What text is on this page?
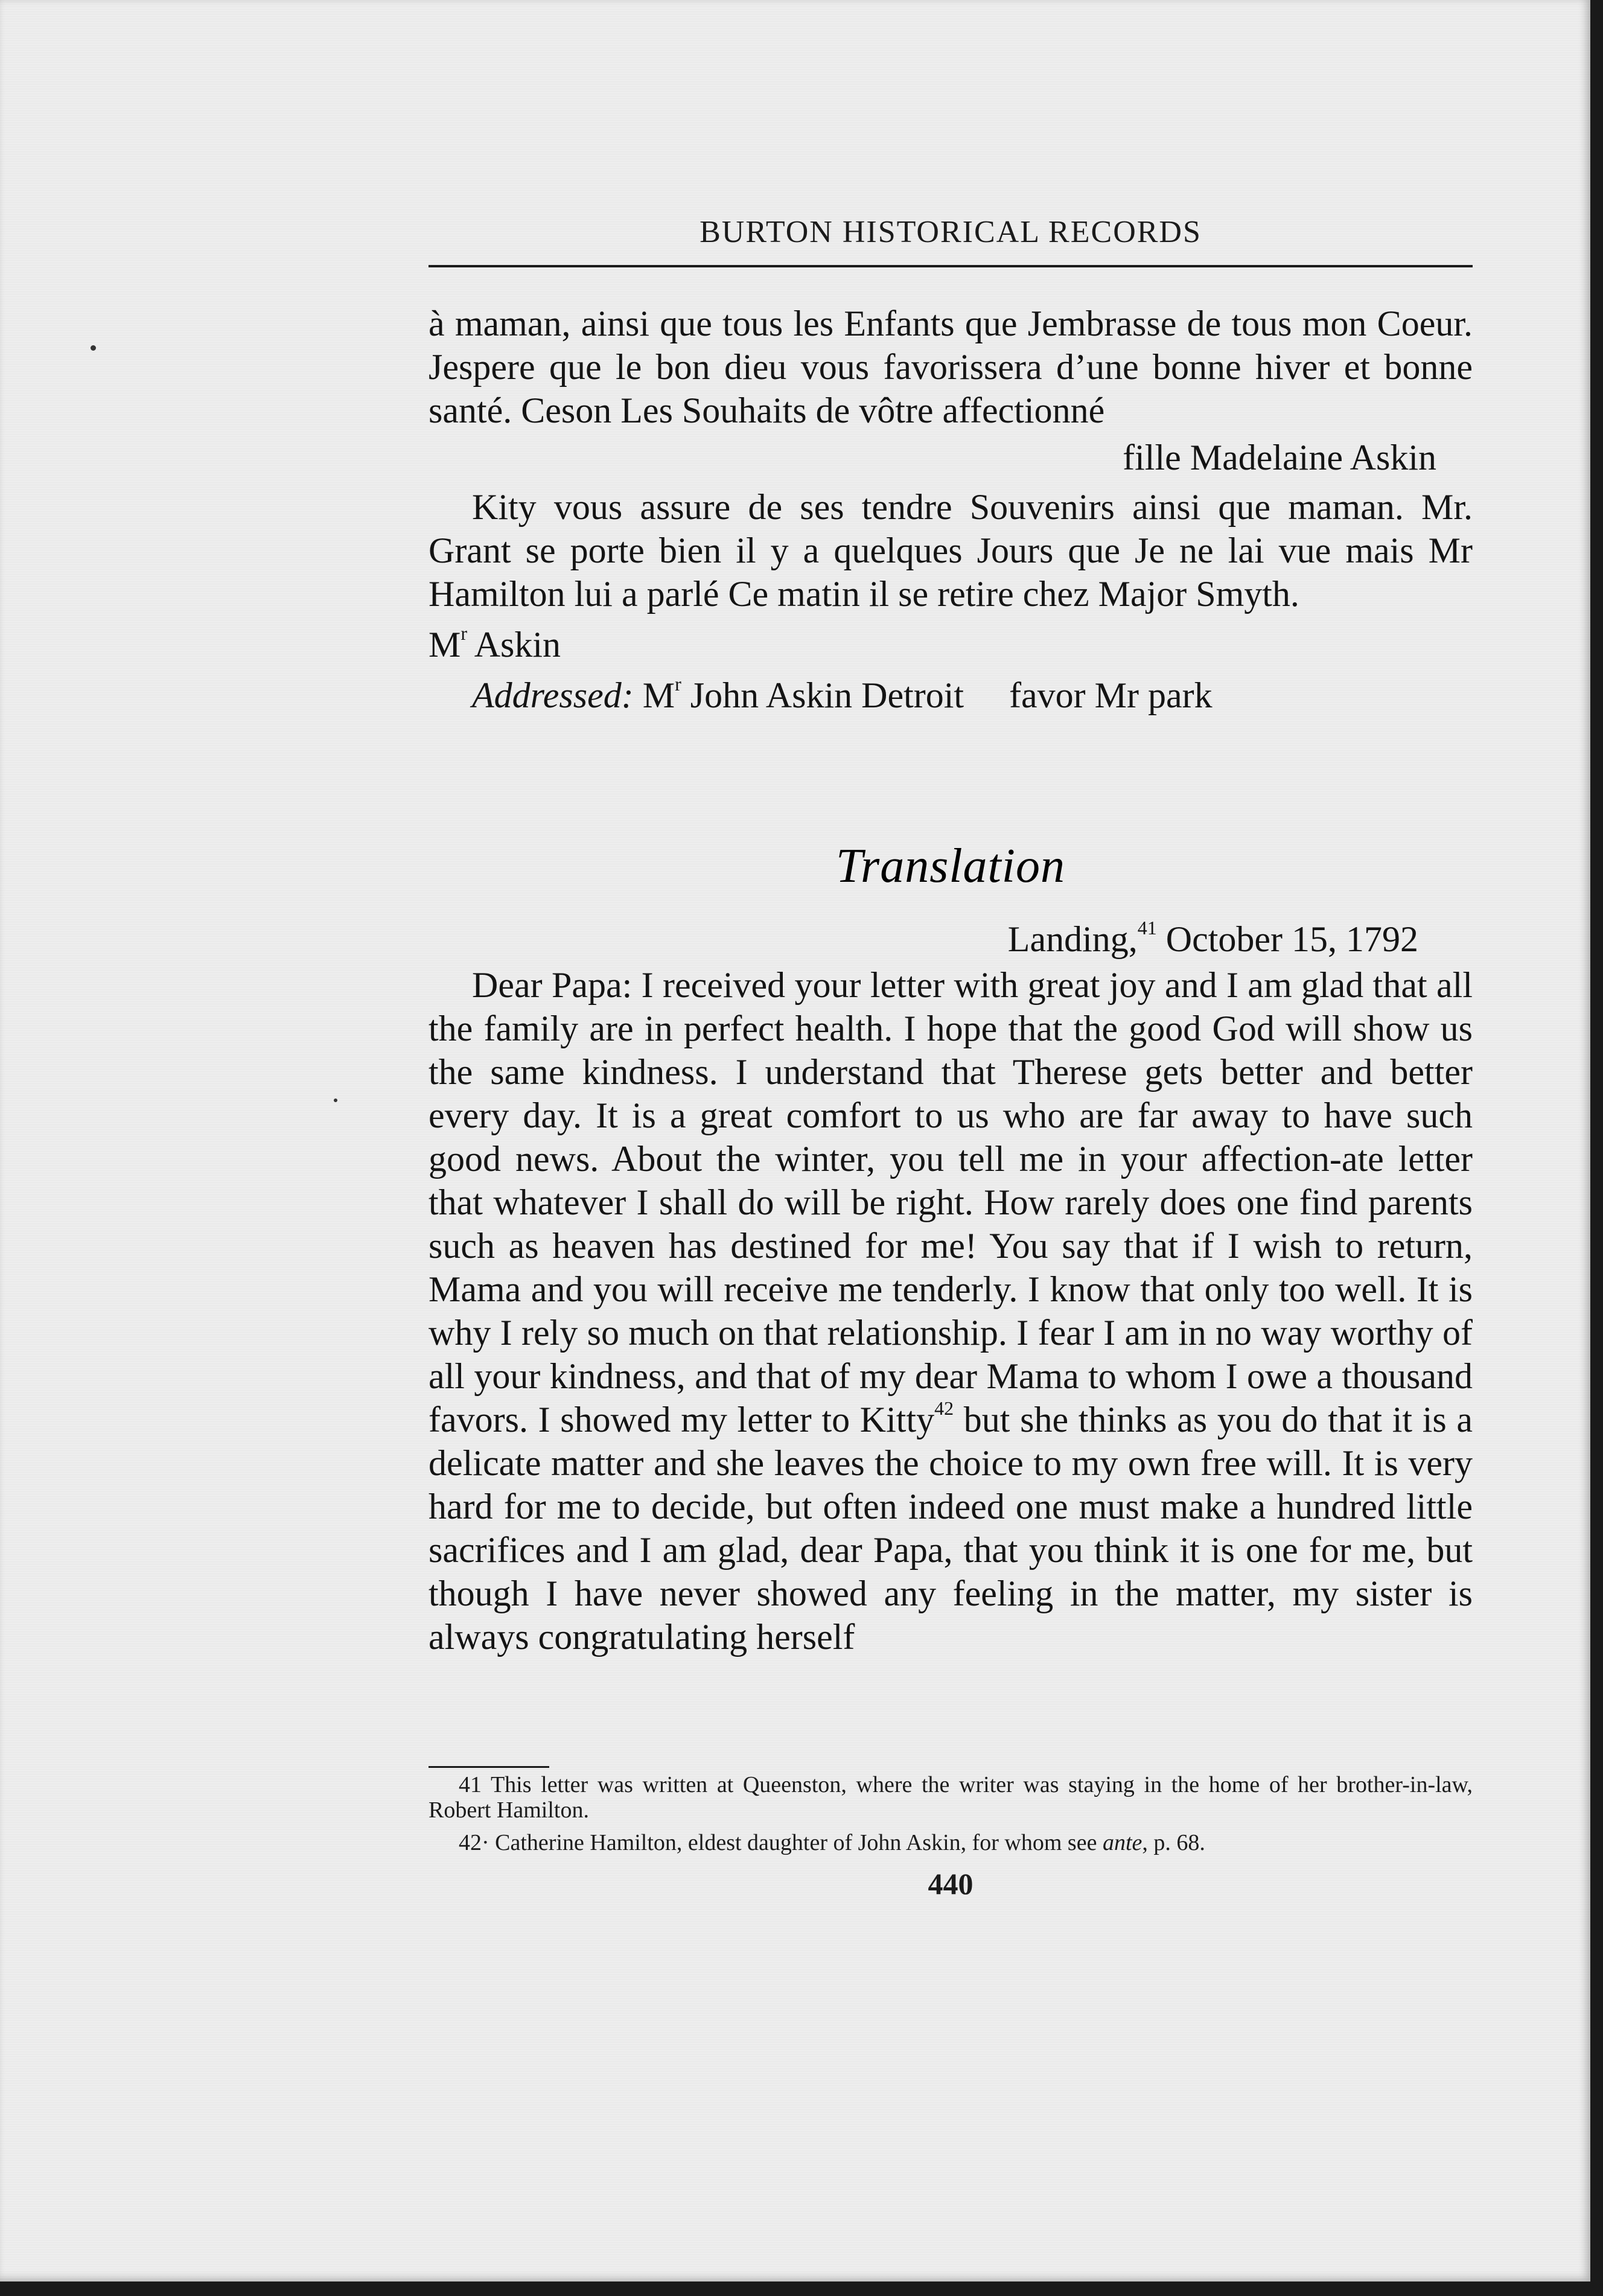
BURTON HISTORICAL RECORDS

à maman, ainsi que tous les Enfants que Jembrasse de tous mon Coeur. Jespere que le bon dieu vous favorissera d’une bonne hiver et bonne santé. Ceson Les Souhaits de vôtre affectionné

fille Madelaine Askin

Kity vous assure de ses tendre Souvenirs ainsi que maman. Mr. Grant se porte bien il y a quelques Jours que Je ne lai vue mais Mr Hamilton lui a parlé Ce matin il se retire chez Major Smyth.

$M^r$ Askin

Addressed: $M^r$ John Askin Detroit  favor Mr park

Translation

Landing,$^{41}$ October 15, 1792

Dear Papa: I received your letter with great joy and I am glad that all the family are in perfect health. I hope that the good God will show us the same kindness. I understand that Therese gets better and better every day. It is a great comfort to us who are far away to have such good news. About the winter, you tell me in your affection-ate letter that whatever I shall do will be right. How rarely does one find parents such as heaven has destined for me! You say that if I wish to return, Mama and you will receive me tenderly. I know that only too well. It is why I rely so much on that relationship. I fear I am in no way worthy of all your kindness, and that of my dear Mama to whom I owe a thousand favors. I showed my letter to Kitty$^{42}$ but she thinks as you do that it is a delicate matter and she leaves the choice to my own free will. It is very hard for me to decide, but often indeed one must make a hundred little sacrifices and I am glad, dear Papa, that you think it is one for me, but though I have never showed any feeling in the matter, my sister is always congratulating herself

41 This letter was written at Queenston, where the writer was staying in the home of her brother-in-law, Robert Hamilton.

42· Catherine Hamilton, eldest daughter of John Askin, for whom see ante, p. 68.

440
